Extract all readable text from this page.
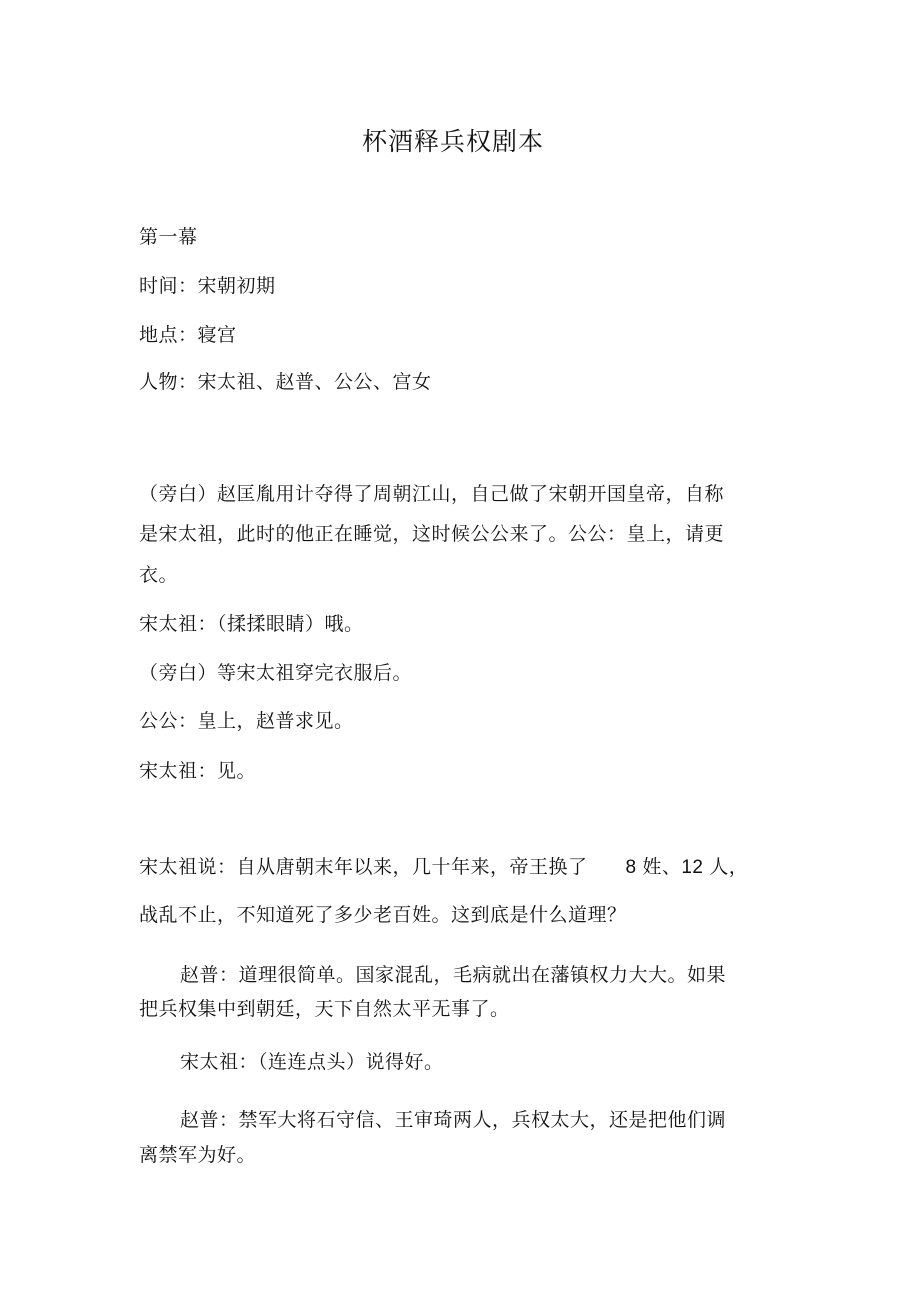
杯酒释兵权剧本
第一幕
时间：宋朝初期
地点：寝宫
人物：宋太祖、赵普、公公、宫女
（旁白）赵匡胤用计夺得了周朝江山，自己做了宋朝开国皇帝，自称
是宋太祖，此时的他正在睡觉，这时候公公来了。公公：皇上，请更
衣。
宋太祖：（揉揉眼睛）哦。
（旁白）等宋太祖穿完衣服后。
公公：皇上，赵普求见。
宋太祖：见。
宋太祖说：自从唐朝末年以来，几十年来，帝王换了 8 姓、12 人，
战乱不止，不知道死了多少老百姓。这到底是什么道理？
赵普：道理很简单。国家混乱，毛病就出在藩镇权力大大。如果
把兵权集中到朝廷，天下自然太平无事了。
宋太祖：（连连点头）说得好。
赵普：禁军大将石守信、王审琦两人，兵权太大，还是把他们调
离禁军为好。
